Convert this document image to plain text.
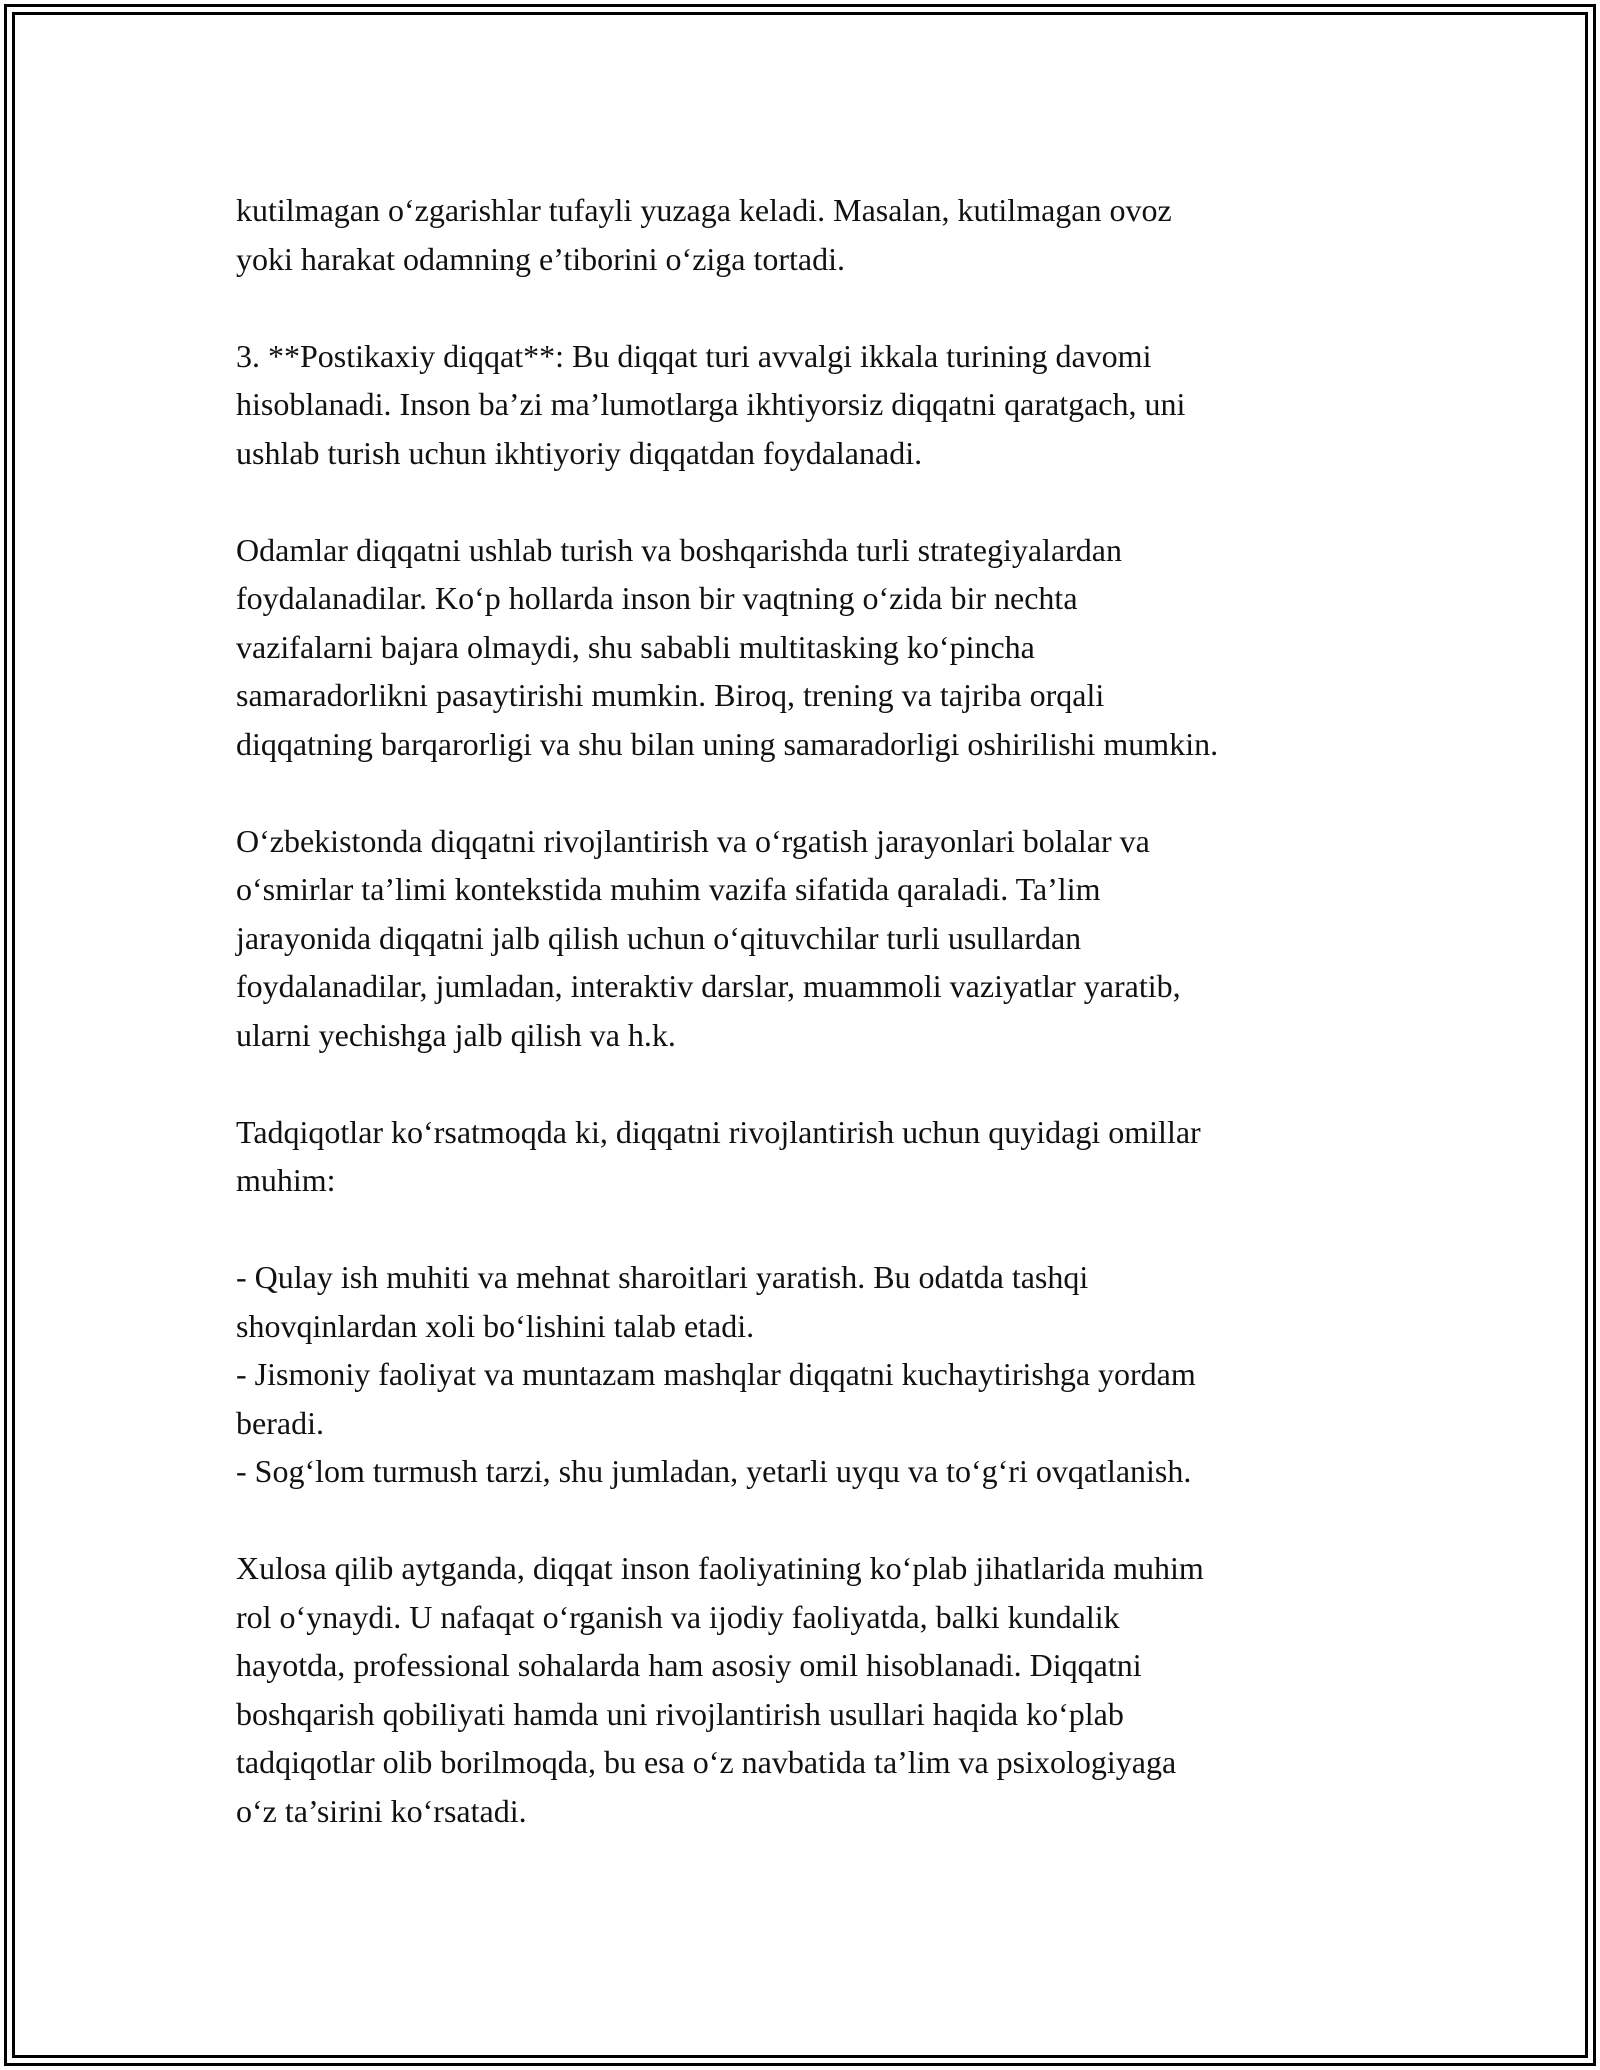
kutilmagan o‘zgarishlar tufayli yuzaga keladi. Masalan, kutilmagan ovoz
yoki harakat odamning e’tiborini o‘ziga tortadi.

3. **Postikaxiy diqqat**: Bu diqqat turi avvalgi ikkala turining davomi
hisoblanadi. Inson ba’zi ma’lumotlarga ikhtiyorsiz diqqatni qaratgach, uni
ushlab turish uchun ikhtiyoriy diqqatdan foydalanadi.

Odamlar diqqatni ushlab turish va boshqarishda turli strategiyalardan
foydalanadilar. Ko‘p hollarda inson bir vaqtning o‘zida bir nechta
vazifalarni bajara olmaydi, shu sababli multitasking ko‘pincha
samaradorlikni pasaytirishi mumkin. Biroq, trening va tajriba orqali
diqqatning barqarorligi va shu bilan uning samaradorligi oshirilishi mumkin.

O‘zbekistonda diqqatni rivojlantirish va o‘rgatish jarayonlari bolalar va
o‘smirlar ta’limi kontekstida muhim vazifa sifatida qaraladi. Ta’lim
jarayonida diqqatni jalb qilish uchun o‘qituvchilar turli usullardan
foydalanadilar, jumladan, interaktiv darslar, muammoli vaziyatlar yaratib,
ularni yechishga jalb qilish va h.k.

Tadqiqotlar ko‘rsatmoqda ki, diqqatni rivojlantirish uchun quyidagi omillar
muhim:

- Qulay ish muhiti va mehnat sharoitlari yaratish. Bu odatda tashqi
shovqinlardan xoli bo‘lishini talab etadi.

- Jismoniy faoliyat va muntazam mashqlar diqqatni kuchaytirishga yordam
beradi.

- Sog‘lom turmush tarzi, shu jumladan, yetarli uyqu va to‘g‘ri ovqatlanish.

Xulosa qilib aytganda, diqqat inson faoliyatining ko‘plab jihatlarida muhim
rol o‘ynaydi. U nafaqat o‘rganish va ijodiy faoliyatda, balki kundalik
hayotda, professional sohalarda ham asosiy omil hisoblanadi. Diqqatni
boshqarish qobiliyati hamda uni rivojlantirish usullari haqida ko‘plab
tadqiqotlar olib borilmoqda, bu esa o‘z navbatida ta’lim va psixologiyaga
o‘z ta’sirini ko‘rsatadi.
